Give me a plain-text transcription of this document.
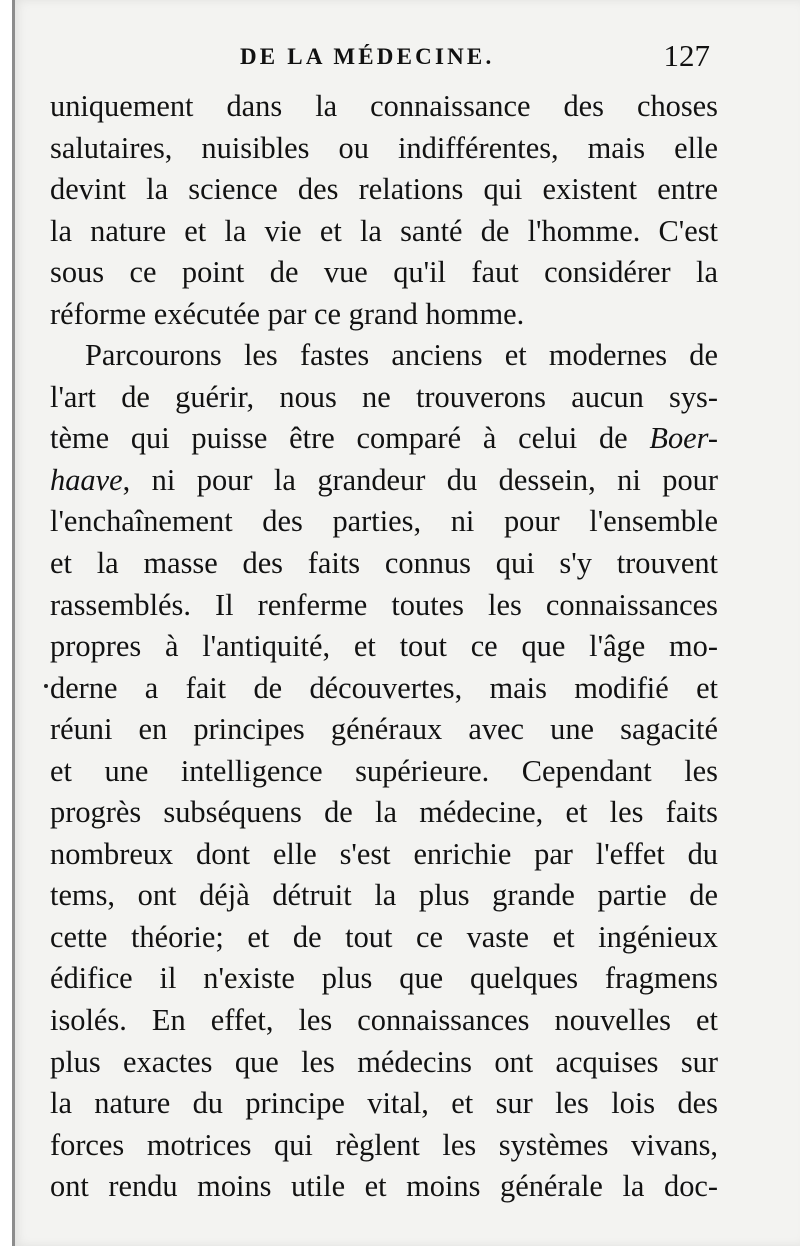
DE LA MÉDECINE.	127
uniquement dans la connaissance des choses
salutaires, nuisibles ou indifférentes, mais elle
devint la science des relations qui existent entre
la nature et la vie et la santé de l'homme. C'est
sous ce point de vue qu'il faut considérer la
réforme exécutée par ce grand homme.
Parcourons les fastes anciens et modernes de
l'art de guérir, nous ne trouverons aucun sys-
tème qui puisse être comparé à celui de Boer-
haave, ni pour la grandeur du dessein, ni pour
l'enchaînement des parties, ni pour l'ensemble
et la masse des faits connus qui s'y trouvent
rassemblés. Il renferme toutes les connaissances
propres à l'antiquité, et tout ce que l'âge mo-
derne a fait de découvertes, mais modifié et
réuni en principes généraux avec une sagacité
et une intelligence supérieure. Cependant les
progrès subséquens de la médecine, et les faits
nombreux dont elle s'est enrichie par l'effet du
tems, ont déjà détruit la plus grande partie de
cette théorie; et de tout ce vaste et ingénieux
édifice il n'existe plus que quelques fragmens
isolés. En effet, les connaissances nouvelles et
plus exactes que les médecins ont acquises sur
la nature du principe vital, et sur les lois des
forces motrices qui règlent les systèmes vivans,
ont rendu moins utile et moins générale la doc-
